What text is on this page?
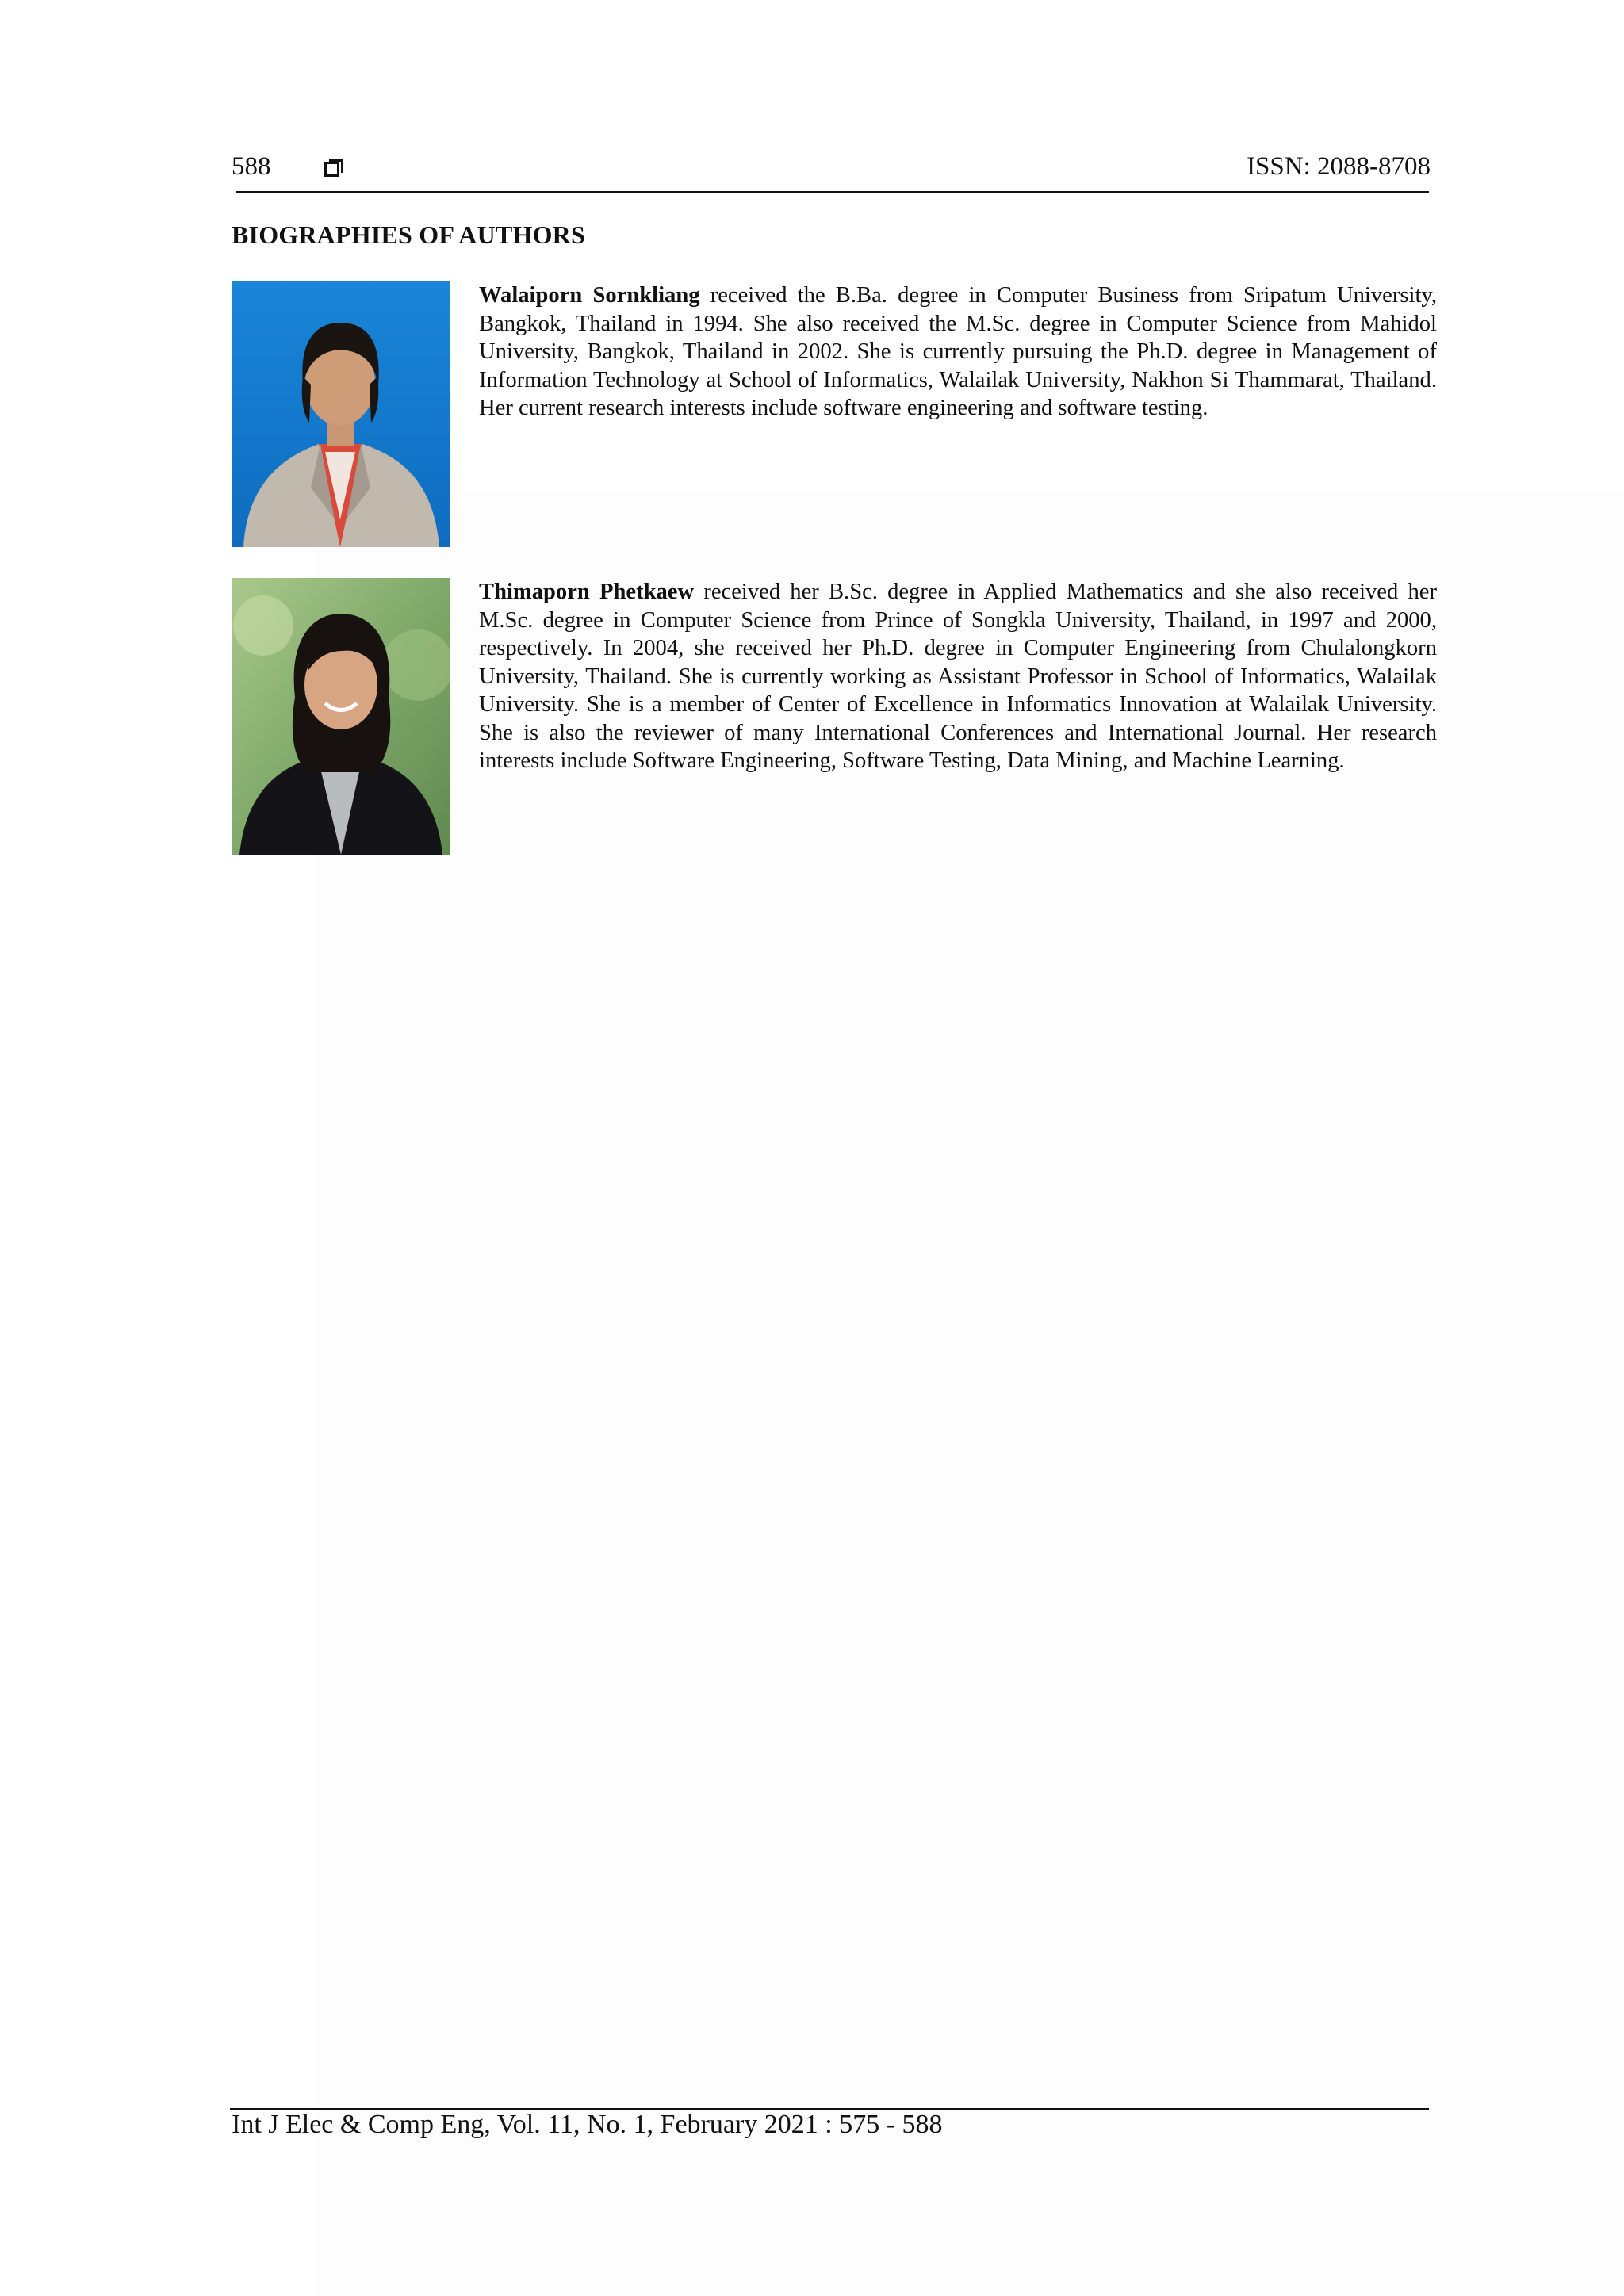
588	ISSN: 2088-8708
BIOGRAPHIES OF AUTHORS

Walaiporn Sornkliang received the B.Ba. degree in Computer Business from Sripatum University, Bangkok, Thailand in 1994. She also received the M.Sc. degree in Computer Science from Mahidol University, Bangkok, Thailand in 2002. She is currently pursuing the Ph.D. degree in Management of Information Technology at School of Informatics, Walailak University, Nakhon Si Thammarat, Thailand. Her current research interests include software engineering and software testing.

Thimaporn Phetkaew received her B.Sc. degree in Applied Mathematics and she also received her M.Sc. degree in Computer Science from Prince of Songkla University, Thailand, in 1997 and 2000, respectively. In 2004, she received her Ph.D. degree in Computer Engineering from Chulalongkorn University, Thailand. She is currently working as Assistant Professor in School of Informatics, Walailak University. She is a member of Center of Excellence in Informatics Innovation at Walailak University. She is also the reviewer of many International Conferences and International Journal. Her research interests include Software Engineering, Software Testing, Data Mining, and Machine Learning.

Int J Elec & Comp Eng, Vol. 11, No. 1, February 2021 : 575 - 588
